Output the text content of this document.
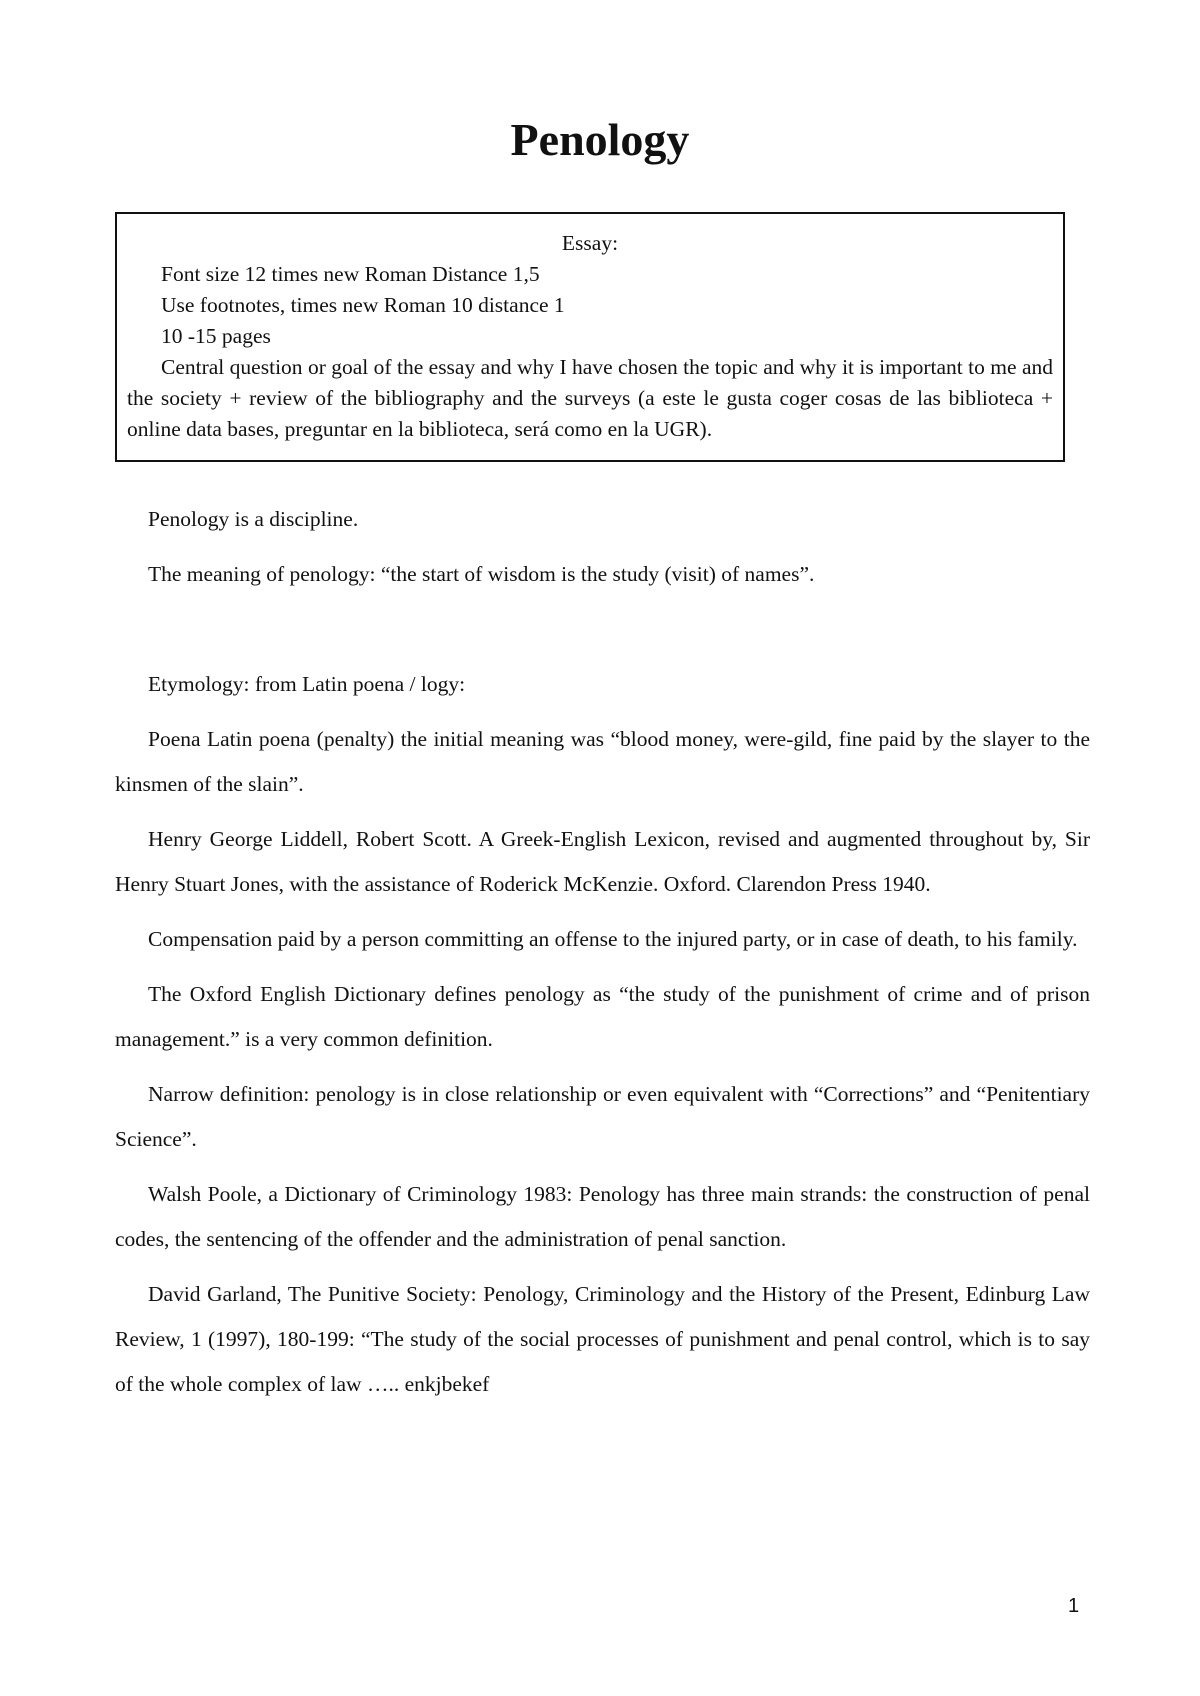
Penology
Essay:

Font size 12 times new Roman Distance 1,5

Use footnotes, times new Roman 10 distance 1

10 -15 pages

Central question or goal of the essay and why I have chosen the topic and why it is important to me and the society + review of the bibliography and the surveys (a este le gusta coger cosas de las biblioteca + online data bases, preguntar en la biblioteca, será como en la UGR).

Penology is a discipline.

The meaning of penology: “the start of wisdom is the study (visit) of names”.

Etymology: from Latin poena / logy:

Poena Latin poena (penalty) the initial meaning was “blood money, were-gild, fine paid by the slayer to the kinsmen of the slain”.

Henry George Liddell, Robert Scott. A Greek-English Lexicon, revised and augmented throughout by, Sir Henry Stuart Jones, with the assistance of Roderick McKenzie. Oxford. Clarendon Press 1940.

Compensation paid by a person committing an offense to the injured party, or in case of death, to his family.

The Oxford English Dictionary defines penology as “the study of the punishment of crime and of prison management.” is a very common definition.

Narrow definition: penology is in close relationship or even equivalent with “Corrections” and “Penitentiary Science”.

Walsh Poole, a Dictionary of Criminology 1983: Penology has three main strands: the construction of penal codes, the sentencing of the offender and the administration of penal sanction.

David Garland, The Punitive Society: Penology, Criminology and the History of the Present, Edinburg Law Review, 1 (1997), 180-199: “The study of the social processes of punishment and penal control, which is to say of the whole complex of law ….. enkjbekef

1
